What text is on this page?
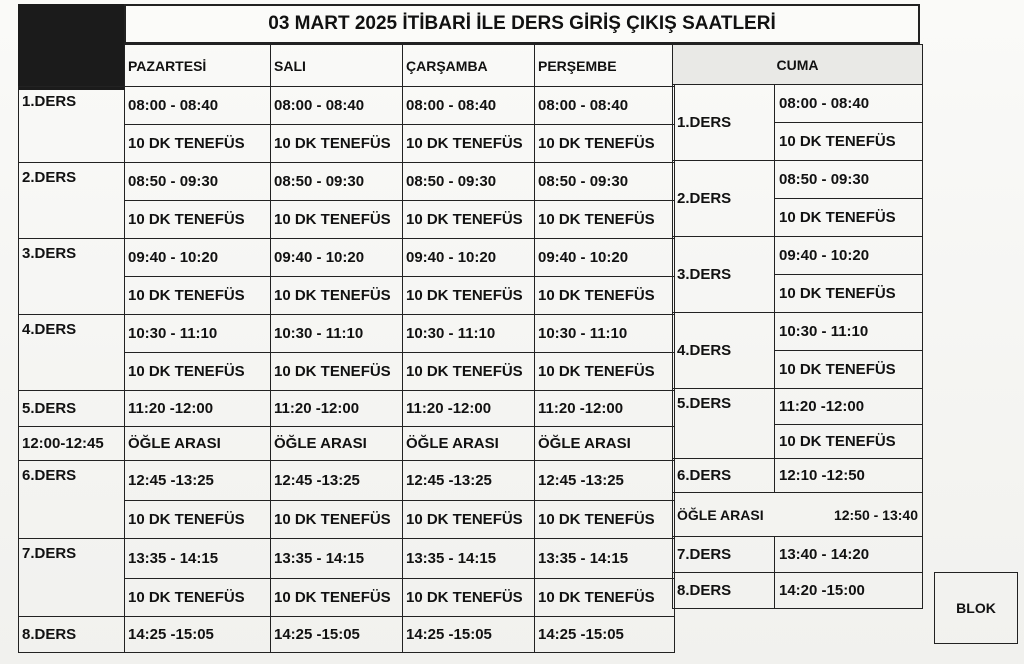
03 MART 2025 İTİBARİ İLE DERS GİRİŞ ÇIKIŞ SAATLERİ
	PAZARTESİ	SALI	ÇARŞAMBA	PERŞEMBE
1.DERS	08:00 - 08:40	08:00 - 08:40	08:00 - 08:40	08:00 - 08:40
	10 DK TENEFÜS	10 DK TENEFÜS	10 DK TENEFÜS	10 DK TENEFÜS
2.DERS	08:50 - 09:30	08:50 - 09:30	08:50 - 09:30	08:50 - 09:30
	10 DK TENEFÜS	10 DK TENEFÜS	10 DK TENEFÜS	10 DK TENEFÜS
3.DERS	09:40 - 10:20	09:40 - 10:20	09:40 - 10:20	09:40 - 10:20
	10 DK TENEFÜS	10 DK TENEFÜS	10 DK TENEFÜS	10 DK TENEFÜS
4.DERS	10:30 - 11:10	10:30 - 11:10	10:30 - 11:10	10:30 - 11:10
	10 DK TENEFÜS	10 DK TENEFÜS	10 DK TENEFÜS	10 DK TENEFÜS
5.DERS	11:20 -12:00	11:20 -12:00	11:20 -12:00	11:20 -12:00
12:00-12:45	ÖĞLE ARASI	ÖĞLE ARASI	ÖĞLE ARASI	ÖĞLE ARASI
6.DERS	12:45 -13:25	12:45 -13:25	12:45 -13:25	12:45 -13:25
	10 DK TENEFÜS	10 DK TENEFÜS	10 DK TENEFÜS	10 DK TENEFÜS
7.DERS	13:35 - 14:15	13:35 - 14:15	13:35 - 14:15	13:35 - 14:15
	10 DK TENEFÜS	10 DK TENEFÜS	10 DK TENEFÜS	10 DK TENEFÜS
8.DERS	14:25 -15:05	14:25 -15:05	14:25 -15:05	14:25 -15:05
CUMA	
1.DERS	08:00 - 08:40
	10 DK TENEFÜS
2.DERS	08:50 - 09:30
	10 DK TENEFÜS
3.DERS	09:40 - 10:20
	10 DK TENEFÜS
4.DERS	10:30 - 11:10
	10 DK TENEFÜS
5.DERS	11:20 -12:00
	10 DK TENEFÜS
6.DERS	12:10 -12:50

ÖĞLE ARASI 12:50 - 13:40	

7.DERS	13:40 - 14:20
8.DERS	14:20 -15:00
BLOK
